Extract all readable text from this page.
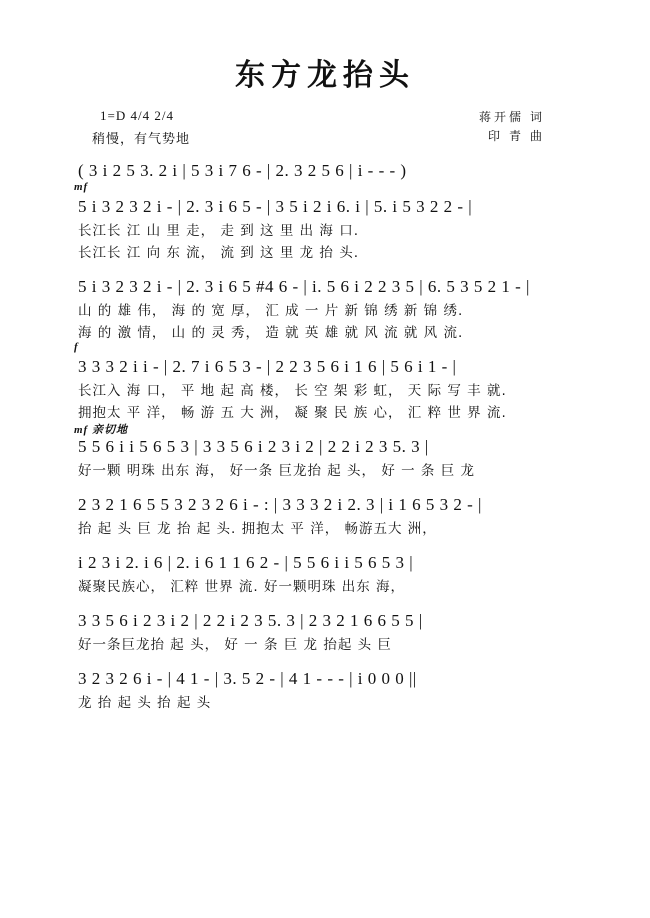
东方龙抬头
1=D 4/4 2/4
稍慢，有气势地
蒋开儒 词
印 青 曲
( 3 i 2 5 3. 2 i | 5 3 i 7 6 - | 2. 3 2 5 6 | i - - - )
mf
5 i 3 2 3 2 i - | 2. 3 i 6 5 - | 3 5 i 2 i 6. i | 5. i 5 3 2 2 - |
长江长 江 山 里 走， 走 到 这 里 出 海 口.
长江长 江 向 东 流， 流 到 这 里 龙 抬 头.
5 i 3 2 3 2 i - | 2. 3 i 6 5 #4 6 - | i. 5 6 i 2 2 3 5 | 6. 5 3 5 2 1 - |
山 的 雄 伟， 海 的 宽 厚， 汇 成 一 片 新 锦 绣 新 锦 绣.
海 的 激 情， 山 的 灵 秀， 造 就 英 雄 就 风 流 就 风 流.
f
3 3 3 2 i i - | 2. 7 i 6 5 3 - | 2 2 3 5 6 i 1 6 | 5 6 i 1 - |
长江入 海 口， 平 地 起 高 楼， 长 空 架 彩 虹， 天 际 写 丰 就.
拥抱太 平 洋， 畅 游 五 大 洲， 凝 聚 民 族 心， 汇 粹 世 界 流.
mf 亲切地
5 5 6 i i 5 6 5 3 | 3 3 5 6 i 2 3 i 2 | 2 2 i 2 3 5. 3 |
好一颗 明珠 出东 海， 好一条 巨龙抬 起 头， 好 一 条 巨 龙
2 3 2 1 6 5 5 3 2 3 2 6 i - : | 3 3 3 2 i 2. 3 | i 1 6 5 3 2 - |
抬 起 头 巨 龙 抬 起 头. 拥抱太 平 洋， 畅游五大 洲，
i 2 3 i 2. i 6 | 2. i 6 1 1 6 2 - | 5 5 6 i i 5 6 5 3 |
凝聚民族心， 汇粹 世界 流. 好一颗明珠 出东 海，
3 3 5 6 i 2 3 i 2 | 2 2 i 2 3 5. 3 | 2 3 2 1 6 6 5 5 |
好一条巨龙抬 起 头， 好 一 条 巨 龙 抬起 头 巨
3 2 3 2 6 i - | 4 1 - | 3. 5 2 - | 4 1 - - - | i 0 0 0 ||
龙 抬 起 头 抬 起 头
